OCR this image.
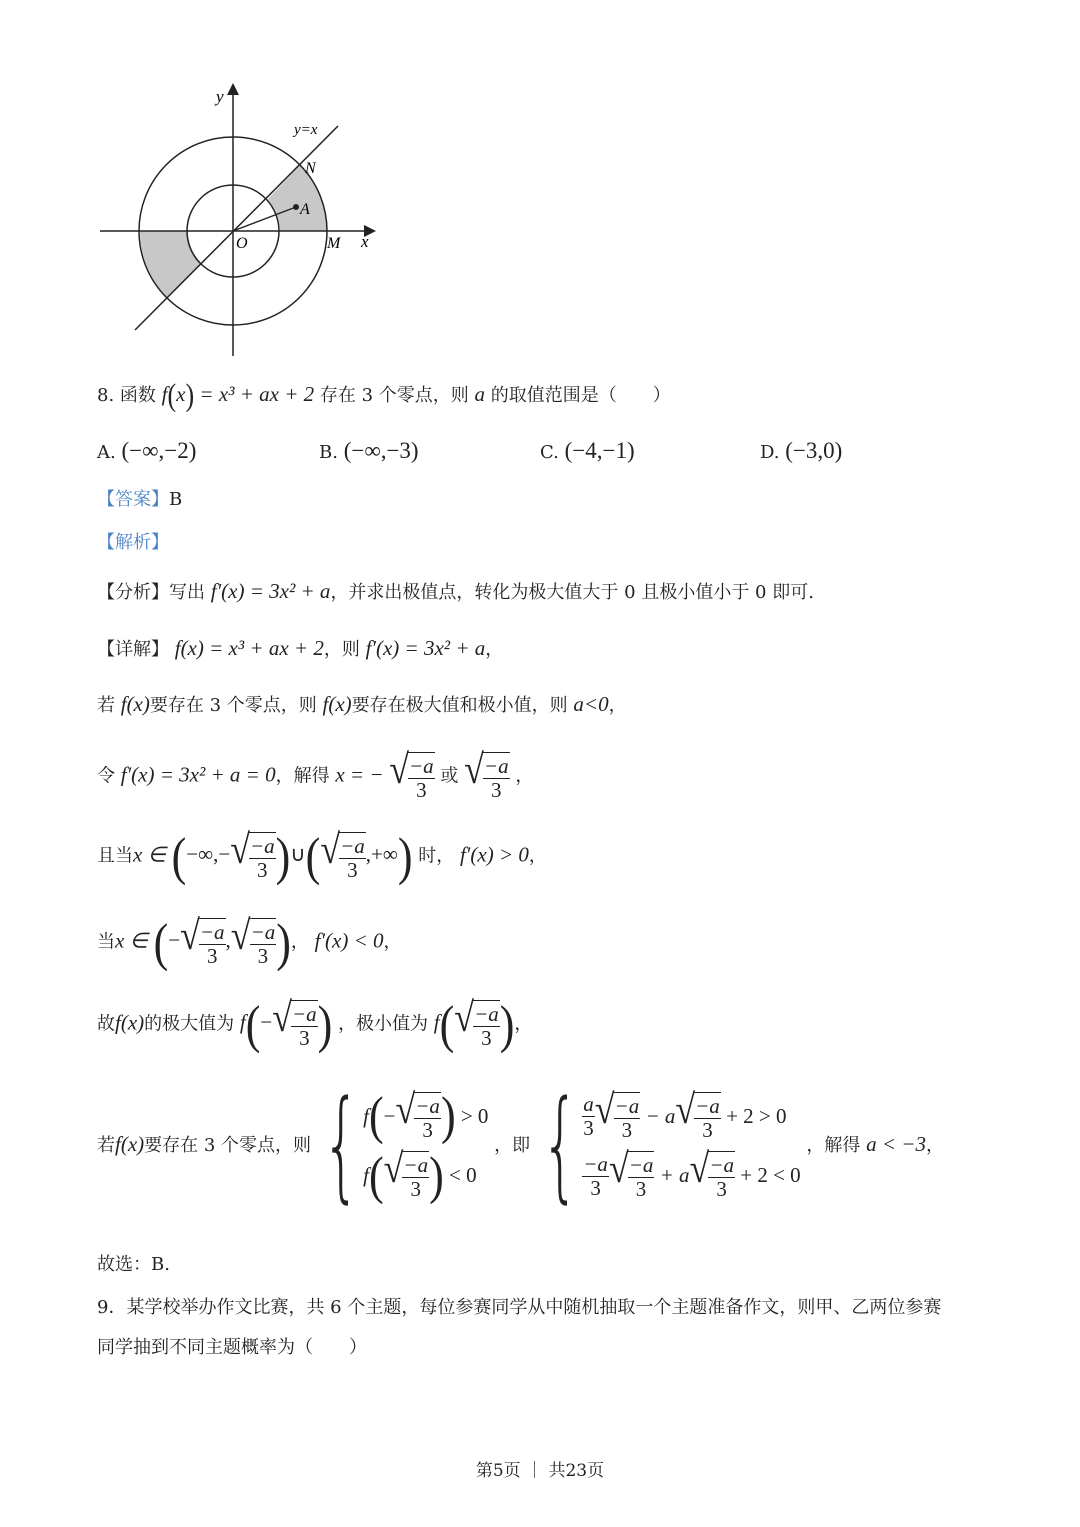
y
x
y=x
N
A
O	M
8. 函数 f(x) = x³ + ax + 2 存在 3 个零点，则 a 的取值范围是（　　）
A. (−∞,−2)	B. (−∞,−3)	C. (−4,−1)	D. (−3,0)
【答案】B
【解析】
【分析】写出 f′(x) = 3x² + a，并求出极值点，转化为极大值大于 0 且极小值小于 0 即可.
【详解】 f(x) = x³ + ax + 2，则 f′(x) = 3x² + a，
若 f(x)要存在 3 个零点，则 f(x)要存在极大值和极小值，则 a<0，
令 f′(x) = 3x² + a = 0，解得 x = − √ $\frac{-a}{3}$ 或 √ $\frac{-a}{3}$ ，
且当x ∈ (−∞,− √ $\frac{-a}{3}$ )∪( √ $\frac{-a}{3}$ ,+∞) 时， f′(x) > 0，
当x ∈ (− √ $\frac{-a}{3}$ , √ $\frac{-a}{3}$ )， f′(x) < 0，
故f(x)的极大值为 f(− √ $\frac{-a}{3}$ ) ，极小值为 f( √ $\frac{-a}{3}$ )，
若f(x)要存在 3 个零点，则 { f ( − √ $\frac{-a}{3}$ )
> 0
f ( √ $\frac{-a}{3}$ )
< 0
，即 { $\frac{a}{3}$ √ $\frac{-a}{3}$
− a √ $\frac{-a}{3}$
+ 2 > 0
$\frac{-a}{3}$ √ $\frac{-a}{3}$
+ a √ $\frac{-a}{3}$
+ 2 < 0
，解得 a < −3，
故选：B.
9．某学校举办作文比赛，共 6 个主题，每位参赛同学从中随机抽取一个主题准备作文，则甲、乙两位参赛
同学抽到不同主题概率为（　　）
第5页 ｜ 共23页
